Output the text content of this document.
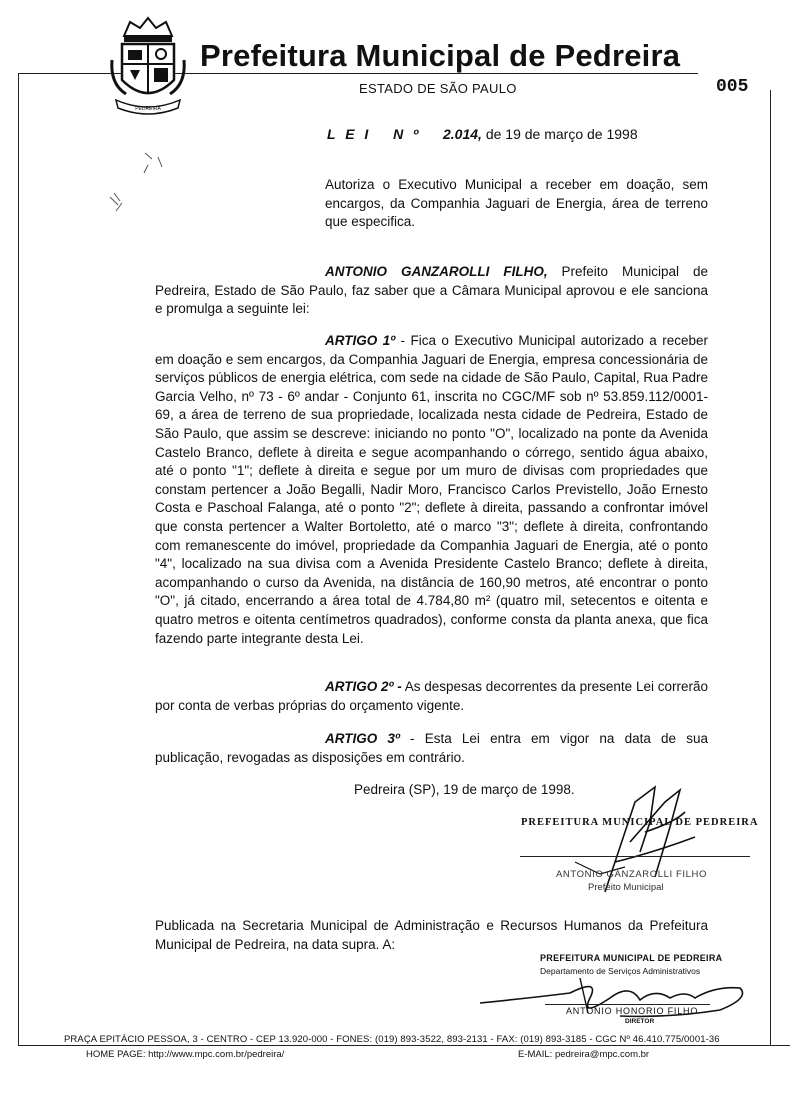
PEDREIRA
PEDREIRA
Prefeitura Municipal de Pedreira
ESTADO DE SÃO PAULO	005
L E I N º 2.014, de 19 de março de 1998
Autoriza o Executivo Municipal a receber em doação, sem encargos, da Companhia Jaguari de Energia, área de terreno que especifica.
ANTONIO GANZAROLLI FILHO, Prefeito Municipal de Pedreira, Estado de São Paulo, faz saber que a Câmara Municipal aprovou e ele sanciona e promulga a seguinte lei:
ARTIGO 1º - Fica o Executivo Municipal autorizado a receber em doação e sem encargos, da Companhia Jaguari de Energia, empresa concessionária de serviços públicos de energia elétrica, com sede na cidade de São Paulo, Capital, Rua Padre Garcia Velho, nº 73 - 6º andar - Conjunto 61, inscrita no CGC/MF sob nº 53.859.112/0001-69, a área de terreno de sua propriedade, localizada nesta cidade de Pedreira, Estado de São Paulo, que assim se descreve: iniciando no ponto "O", localizado na ponte da Avenida Castelo Branco, deflete à direita e segue acompanhando o córrego, sentido água abaixo, até o ponto "1"; deflete à direita e segue por um muro de divisas com propriedades que constam pertencer a João Begalli, Nadir Moro, Francisco Carlos Previstello, João Ernesto Costa e Paschoal Falanga, até o ponto "2"; deflete à direita, passando a confrontar imóvel que consta pertencer a Walter Bortoletto, até o marco "3"; deflete à direita, confrontando com remanescente do imóvel, propriedade da Companhia Jaguari de Energia, até o ponto "4", localizado na sua divisa com a Avenida Presidente Castelo Branco; deflete à direita, acompanhando o curso da Avenida, na distância de 160,90 metros, até encontrar o ponto "O", já citado, encerrando a área total de 4.784,80 m² (quatro mil, setecentos e oitenta e quatro metros e oitenta centímetros quadrados), conforme consta da planta anexa, que fica fazendo parte integrante desta Lei.
ARTIGO 2º - As despesas decorrentes da presente Lei correrão por conta de verbas próprias do orçamento vigente.
ARTIGO 3º - Esta Lei entra em vigor na data de sua publicação, revogadas as disposições em contrário.
Pedreira (SP), 19 de março de 1998.
PREFEITURA MUNICIPAL DE PEDREIRA
ANTONIO GANZAROLLI FILHO
Prefeito Municipal
Publicada na Secretaria Municipal de Administração e Recursos Humanos da Prefeitura Municipal de Pedreira, na data supra. A:
PREFEITURA MUNICIPAL DE PEDREIRA
Departamento de Serviços Administrativos
ANTONIO HONORIO FILHO
DIRETOR
PRAÇA EPITÁCIO PESSOA, 3 - CENTRO - CEP 13.920-000 - FONES: (019) 893-3522, 893-2131 - FAX: (019) 893-3185 - CGC Nº 46.410.775/0001-36
HOME PAGE: http://www.mpc.com.br/pedreira/	E-MAIL: pedreira@mpc.com.br
